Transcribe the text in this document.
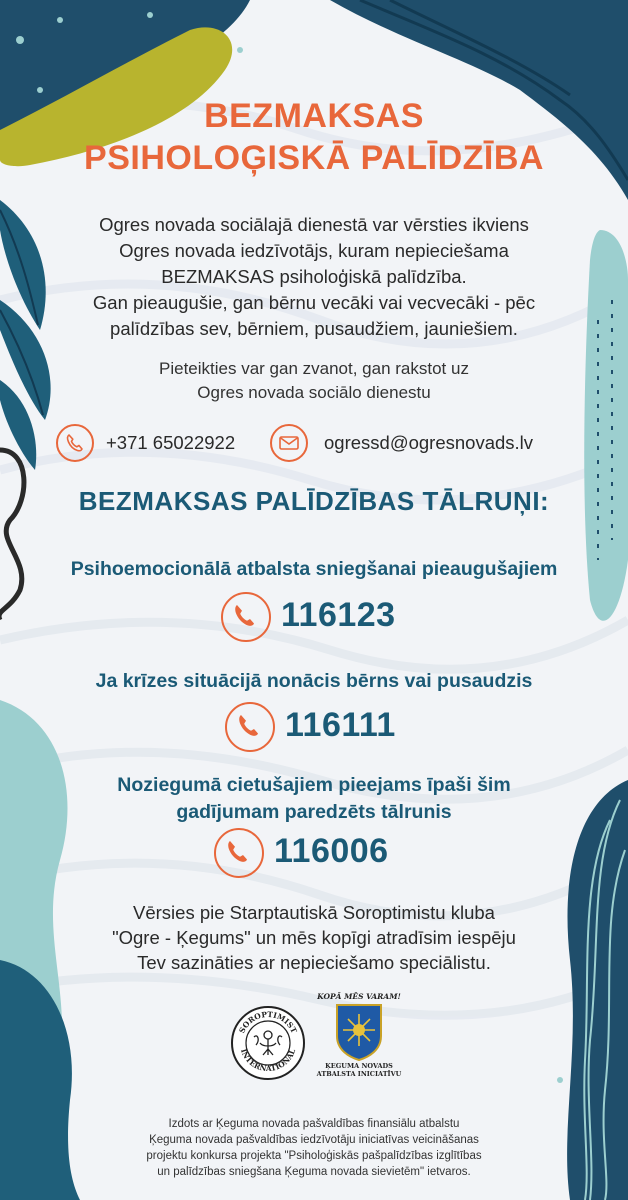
BEZMAKSAS
PSIHOLOĢISKĀ PALĪDZĪBA
Ogres novada sociālajā dienestā var vērsties ikviens
Ogres novada iedzīvotājs, kuram nepieciešama
BEZMAKSAS psiholoģiskā palīdzība.
Gan pieaugušie, gan bērnu vecāki vai vecvecāki - pēc
palīdzības sev, bērniem, pusaudžiem, jauniešiem.
Pieteikties var gan zvanot, gan rakstot uz
Ogres novada sociālo dienestu
+371 65022922	ogressd@ogresnovads.lv
BEZMAKSAS PALĪDZĪBAS TĀLRUŅI:
Psihoemocionālā atbalsta sniegšanai pieaugušajiem
116123
Ja krīzes situācijā nonācis bērns vai pusaudzis
116111
Noziegumā cietušajiem pieejams īpaši šim
gadījumam paredzēts tālrunis
116006
Vērsies pie Starptautiskā Soroptimistu kluba
"Ogre - Ķegums" un mēs kopīgi atradīsim iespēju
Tev sazināties ar nepieciešamo speciālistu.
SOROPTIMIST
INTERNATIONAL
KOPĀ MĒS VARAM!
ĶEGUMA NOVADS
ATBALSTA INICIATĪVU
Izdots ar Ķeguma novada pašvaldības finansiālu atbalstu
Ķeguma novada pašvaldības iedzīvotāju iniciatīvas veicināšanas
projektu konkursa projekta "Psiholoģiskās pašpalīdzības izglītības
un palīdzības sniegšana Ķeguma novada sievietēm" ietvaros.
